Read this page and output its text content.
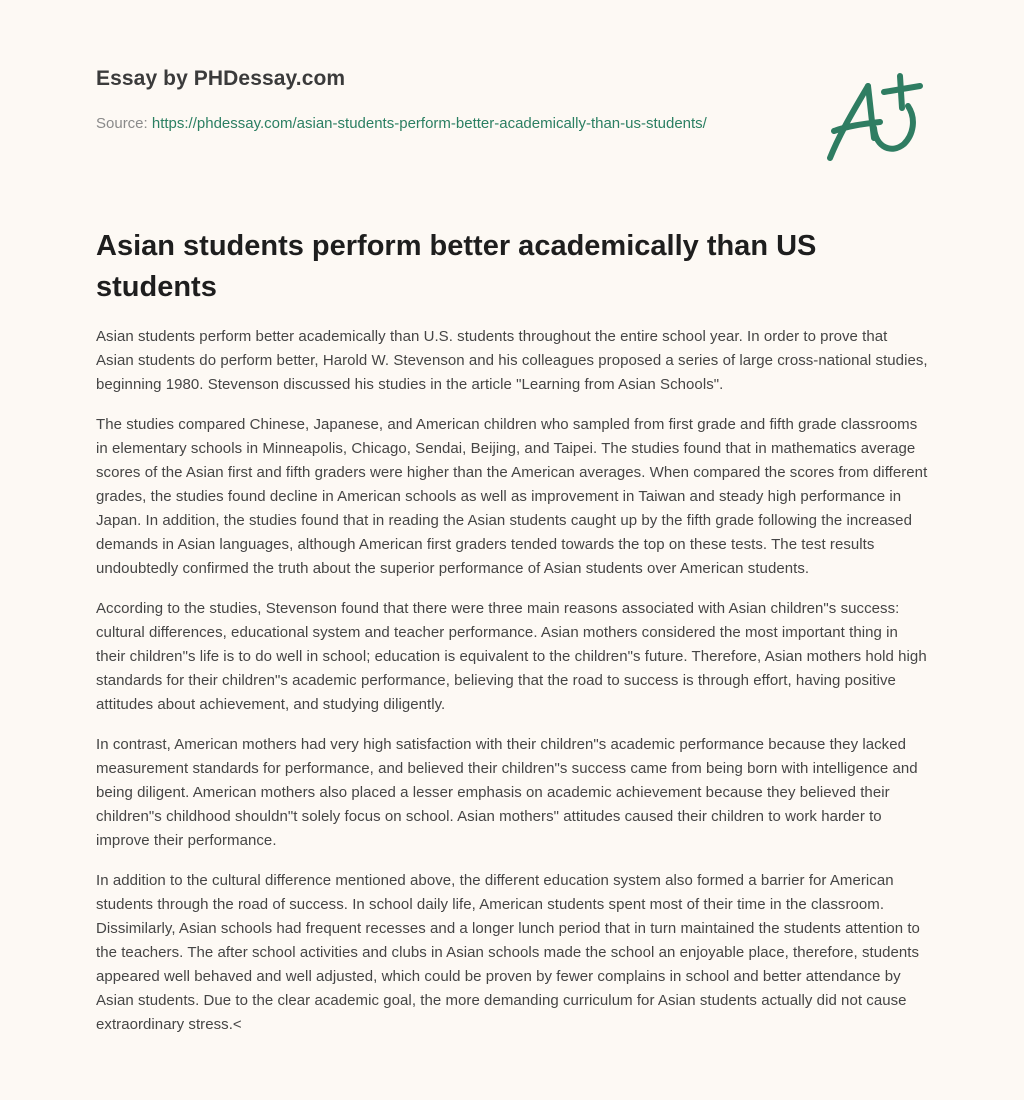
Essay by PHDessay.com
Source: https://phdessay.com/asian-students-perform-better-academically-than-us-students/
Asian students perform better academically than US students

Asian students perform better academically than U.S. students throughout the entire school year. In order to prove that Asian students do perform better, Harold W. Stevenson and his colleagues proposed a series of large cross-national studies, beginning 1980. Stevenson discussed his studies in the article "Learning from Asian Schools".

The studies compared Chinese, Japanese, and American children who sampled from first grade and fifth grade classrooms in elementary schools in Minneapolis, Chicago, Sendai, Beijing, and Taipei. The studies found that in mathematics average scores of the Asian first and fifth graders were higher than the American averages. When compared the scores from different grades, the studies found decline in American schools as well as improvement in Taiwan and steady high performance in Japan. In addition, the studies found that in reading the Asian students caught up by the fifth grade following the increased demands in Asian languages, although American first graders tended towards the top on these tests. The test results undoubtedly confirmed the truth about the superior performance of Asian students over American students.

According to the studies, Stevenson found that there were three main reasons associated with Asian children"s success: cultural differences, educational system and teacher performance. Asian mothers considered the most important thing in their children"s life is to do well in school; education is equivalent to the children"s future. Therefore, Asian mothers hold high standards for their children"s academic performance, believing that the road to success is through effort, having positive attitudes about achievement, and studying diligently.

In contrast, American mothers had very high satisfaction with their children"s academic performance because they lacked measurement standards for performance, and believed their children"s success came from being born with intelligence and being diligent. American mothers also placed a lesser emphasis on academic achievement because they believed their children"s childhood shouldn"t solely focus on school. Asian mothers" attitudes caused their children to work harder to improve their performance.

In addition to the cultural difference mentioned above, the different education system also formed a barrier for American students through the road of success. In school daily life, American students spent most of their time in the classroom. Dissimilarly, Asian schools had frequent recesses and a longer lunch period that in turn maintained the students attention to the teachers. The after school activities and clubs in Asian schools made the school an enjoyable place, therefore, students appeared well behaved and well adjusted, which could be proven by fewer complains in school and better attendance by Asian students. Due to the clear academic goal, the more demanding curriculum for Asian students actually did not cause extraordinary stress.<
